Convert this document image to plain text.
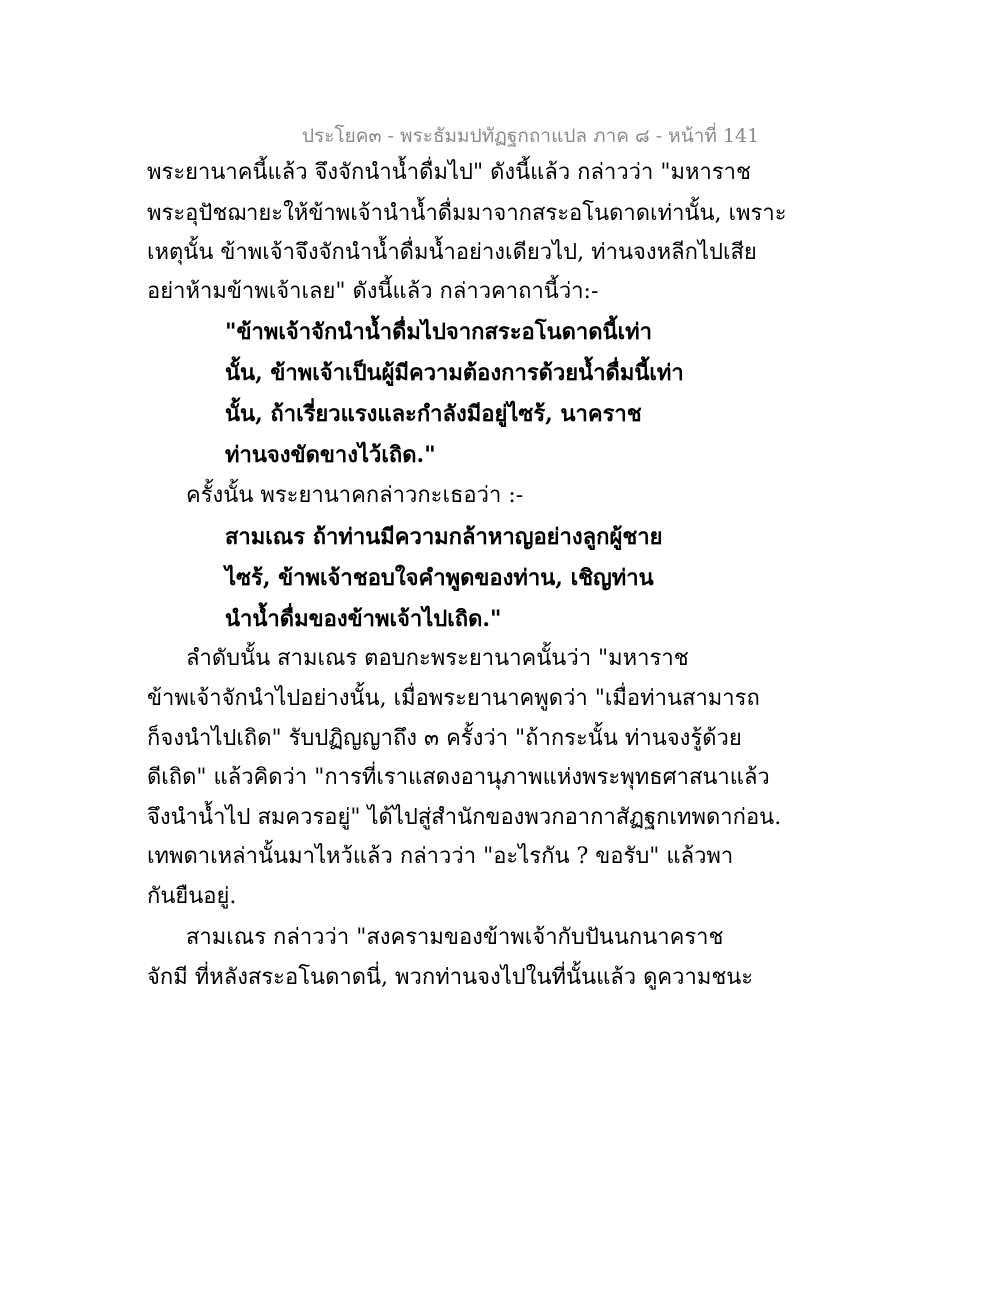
ประโยค๓ - พระธัมมปทัฏฐกถาแปล ภาค ๘ - หน้าที่ 141
พระยานาคนี้แล้ว จึงจักนำน้ำดื่มไป" ดังนี้แล้ว กล่าวว่า "มหาราช
พระอุปัชฌายะให้ข้าพเจ้านำน้ำดื่มมาจากสระอโนดาดเท่านั้น, เพราะ
เหตุนั้น ข้าพเจ้าจึงจักนำน้ำดื่มน้ำอย่างเดียวไป, ท่านจงหลีกไปเสีย
อย่าห้ามข้าพเจ้าเลย" ดังนี้แล้ว กล่าวคาถานี้ว่า:-
"ข้าพเจ้าจักนำน้ำดื่มไปจากสระอโนดาดนี้เท่า
นั้น, ข้าพเจ้าเป็นผู้มีความต้องการด้วยน้ำดื่มนี้เท่า
นั้น, ถ้าเรี่ยวแรงและกำลังมีอยู่ไซร้, นาคราช
ท่านจงขัดขางไว้เถิด."
ครั้งนั้น พระยานาคกล่าวกะเธอว่า :-
สามเณร ถ้าท่านมีความกล้าหาญอย่างลูกผู้ชาย
ไซร้, ข้าพเจ้าชอบใจคำพูดของท่าน, เชิญท่าน
นำน้ำดื่มของข้าพเจ้าไปเถิด."
ลำดับนั้น สามเณร ตอบกะพระยานาคนั้นว่า "มหาราช
ข้าพเจ้าจักนำไปอย่างนั้น, เมื่อพระยานาคพูดว่า "เมื่อท่านสามารถ
ก็จงนำไปเถิด" รับปฏิญญาถึง ๓ ครั้งว่า "ถ้ากระนั้น ท่านจงรู้ด้วย
ดีเถิด" แล้วคิดว่า "การที่เราแสดงอานุภาพแห่งพระพุทธศาสนาแล้ว
จึงนำน้ำไป สมควรอยู่" ได้ไปสู่สำนักของพวกอากาสัฏฐกเทพดาก่อน.
เทพดาเหล่านั้นมาไหว้แล้ว กล่าวว่า "อะไรกัน ? ขอรับ" แล้วพา
กันยืนอยู่.
สามเณร กล่าวว่า "สงครามของข้าพเจ้ากับปันนกนาคราช
จักมี ที่หลังสระอโนดาดนี่, พวกท่านจงไปในที่นั้นแล้ว ดูความชนะ
